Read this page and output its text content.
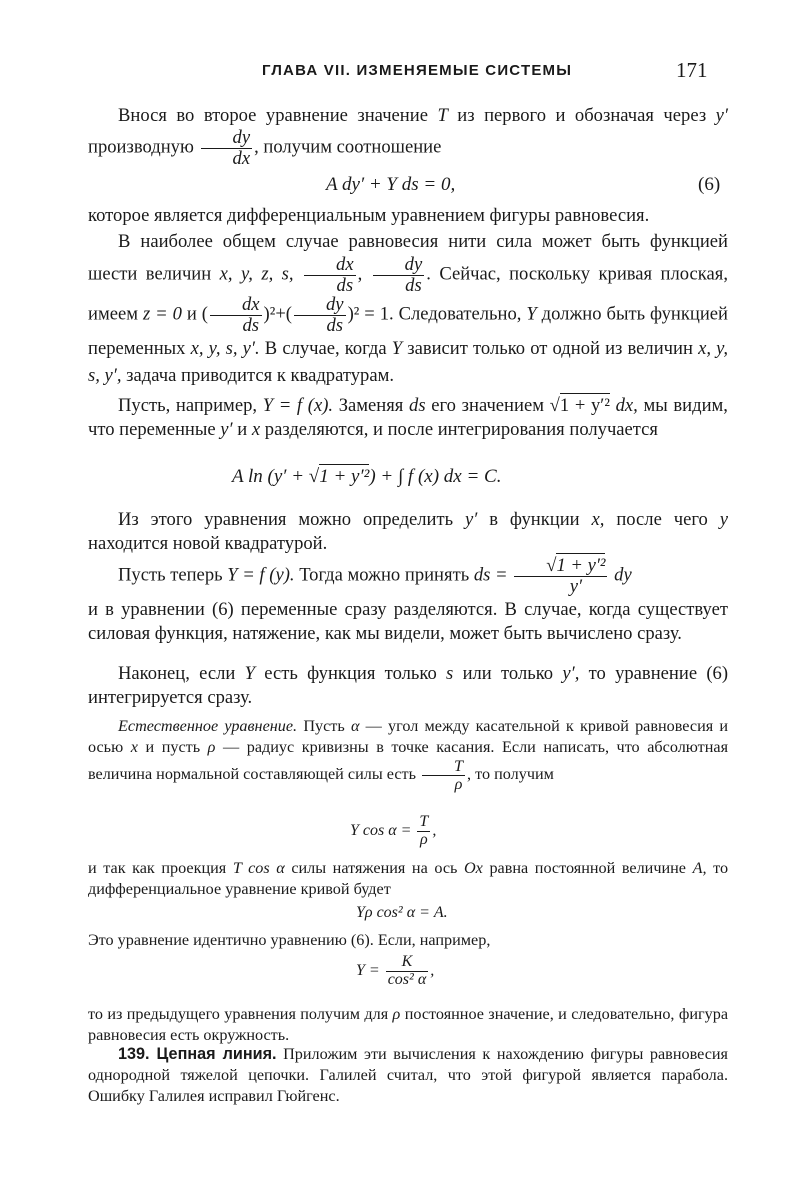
ГЛАВА VII. ИЗМЕНЯЕМЫЕ СИСТЕМЫ	171

Внося во второе уравнение значение T из первого и обозначая через y′ производную $\frac{dy}{dx}$ , получим соотношение

A dy′ + Y ds = 0,	(6)

которое является дифференциальным уравнением фигуры равновесия.

В наиболее общем случае равновесия нити сила может быть функцией шести величин x, y, z, s, $\frac{dx}{ds}$ , $\frac{dy}{ds}$ . Сейчас, поскольку кривая плоская, имеем z = 0 и ( $\frac{dx}{ds} )^2+( \frac{dy}{ds} )^2 = 1$. Следовательно, Y должно быть функцией переменных x, y, s, y′. В случае, когда Y зависит только от одной из величин x, y, s, y′, задача приводится к квадратурам.

Пусть, например, Y = f (x). Заменяя ds его значением √1 + y′² dx, мы видим, что переменные y′ и x разделяются, и после интегрирования получается

A ln (y′ + √1 + y′²) + ∫ f (x) dx = C.

Из этого уравнения можно определить y′ в функции x, после чего y находится новой квадратурой.

Пусть теперь Y = f (y). Тогда можно принять ds = $\frac{\text{√1 + y′²}}{y'}$ dy

и в уравнении (6) переменные сразу разделяются. В случае, когда существует силовая функция, натяжение, как мы видели, может быть вычислено сразу.

Наконец, если Y есть функция только s или только y′, то уравнение (6) интегрируется сразу.

Естественное уравнение. Пусть α — угол между касательной к кривой равновесия и осью x и пусть ρ — радиус кривизны в точке касания. Если написать, что абсолютная величина нормальной составляющей силы есть $\frac{T}{\rho}$ , то получим

Y $\cos \alpha = \frac{T}{\rho}$ ,

и так как проекция T cos α силы натяжения на ось Ox равна постоянной величине A, то дифференциальное уравнение кривой будет

Yρ cos² α = A.

Это уравнение идентично уравнению (6). Если, например,

$Y = \frac{K}{\text{cos² α}}$ ,

то из предыдущего уравнения получим для ρ постоянное значение, и следовательно, фигура равновесия есть окружность.

139. Цепная линия. Приложим эти вычисления к нахождению фигуры равновесия однородной тяжелой цепочки. Галилей считал, что этой фигурой является парабола. Ошибку Галилея исправил Гюйгенс.
